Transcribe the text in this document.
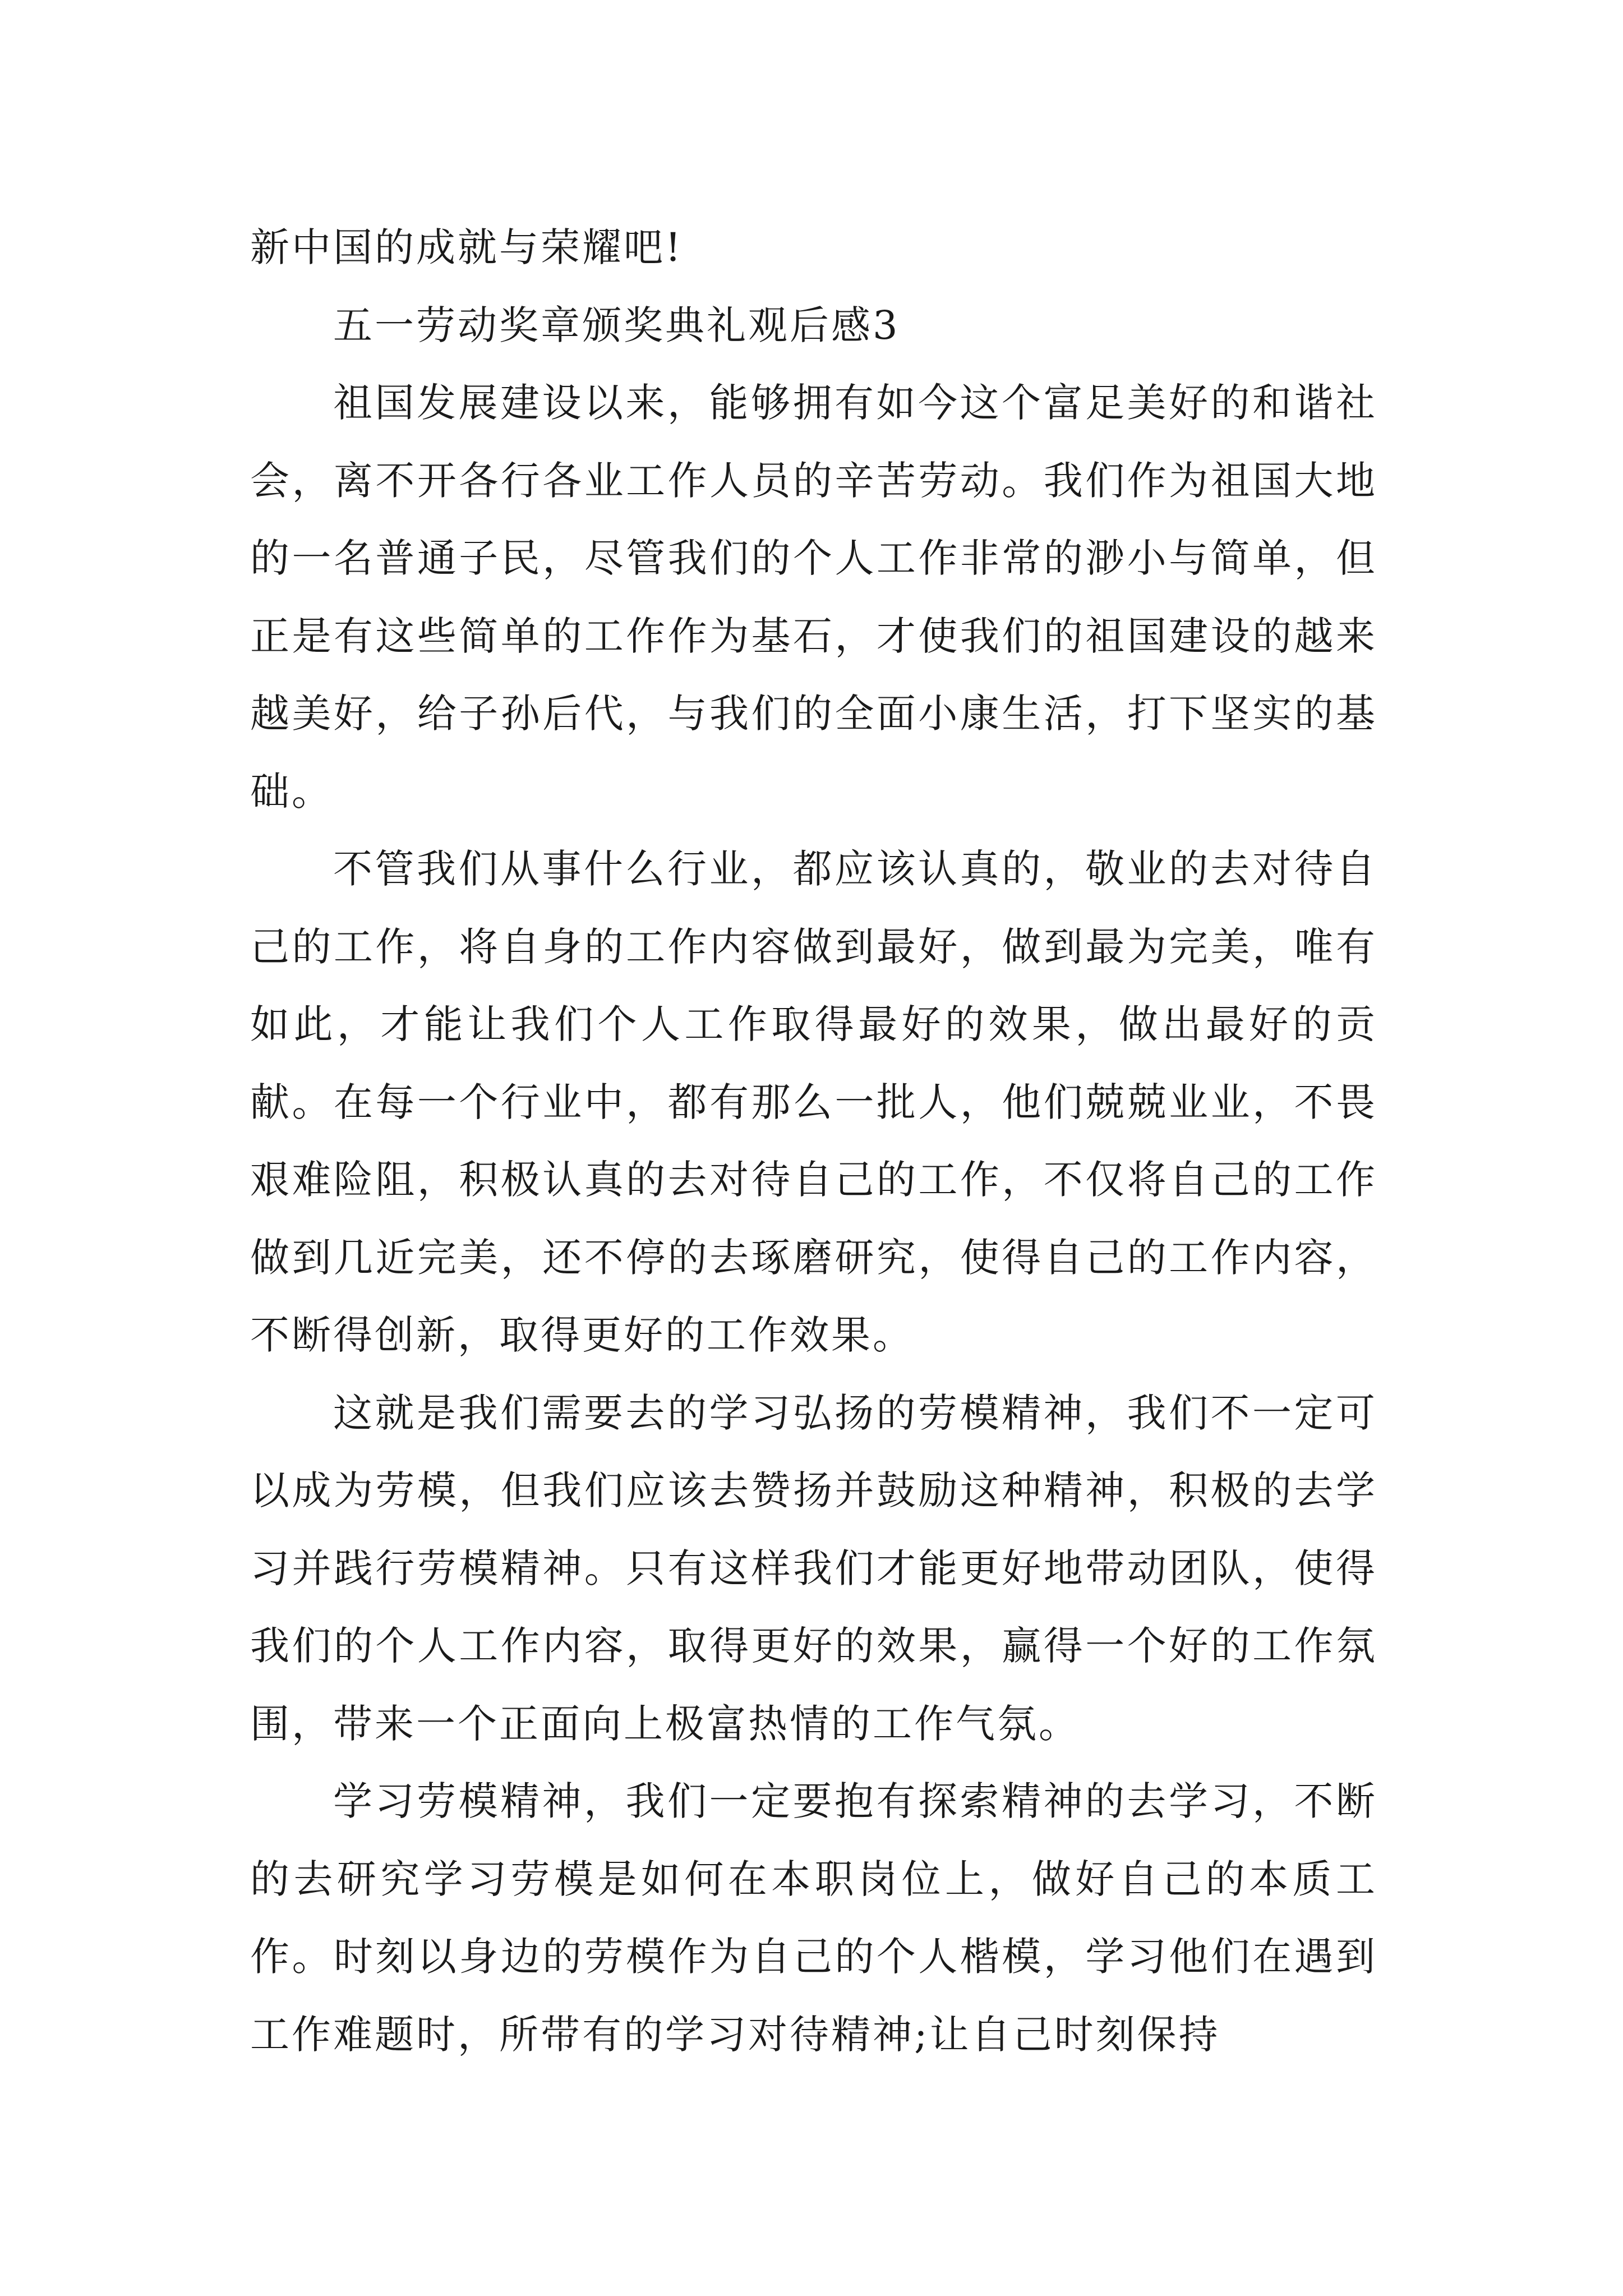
新中国的成就与荣耀吧!

五一劳动奖章颁奖典礼观后感3

祖国发展建设以来，能够拥有如今这个富足美好的和谐社会，离不开各行各业工作人员的辛苦劳动。我们作为祖国大地的一名普通子民，尽管我们的个人工作非常的渺小与简单，但正是有这些简单的工作作为基石，才使我们的祖国建设的越来越美好，给子孙后代，与我们的全面小康生活，打下坚实的基础。

不管我们从事什么行业，都应该认真的，敬业的去对待自己的工作，将自身的工作内容做到最好，做到最为完美，唯有如此，才能让我们个人工作取得最好的效果，做出最好的贡献。在每一个行业中，都有那么一批人，他们兢兢业业，不畏艰难险阻，积极认真的去对待自己的工作，不仅将自己的工作做到几近完美，还不停的去琢磨研究，使得自己的工作内容，不断得创新，取得更好的工作效果。

这就是我们需要去的学习弘扬的劳模精神，我们不一定可以成为劳模，但我们应该去赞扬并鼓励这种精神，积极的去学习并践行劳模精神。只有这样我们才能更好地带动团队，使得我们的个人工作内容，取得更好的效果，赢得一个好的工作氛围，带来一个正面向上极富热情的工作气氛。

学习劳模精神，我们一定要抱有探索精神的去学习，不断的去研究学习劳模是如何在本职岗位上，做好自己的本质工作。时刻以身边的劳模作为自己的个人楷模，学习他们在遇到工作难题时，所带有的学习对待精神;让自己时刻保持
